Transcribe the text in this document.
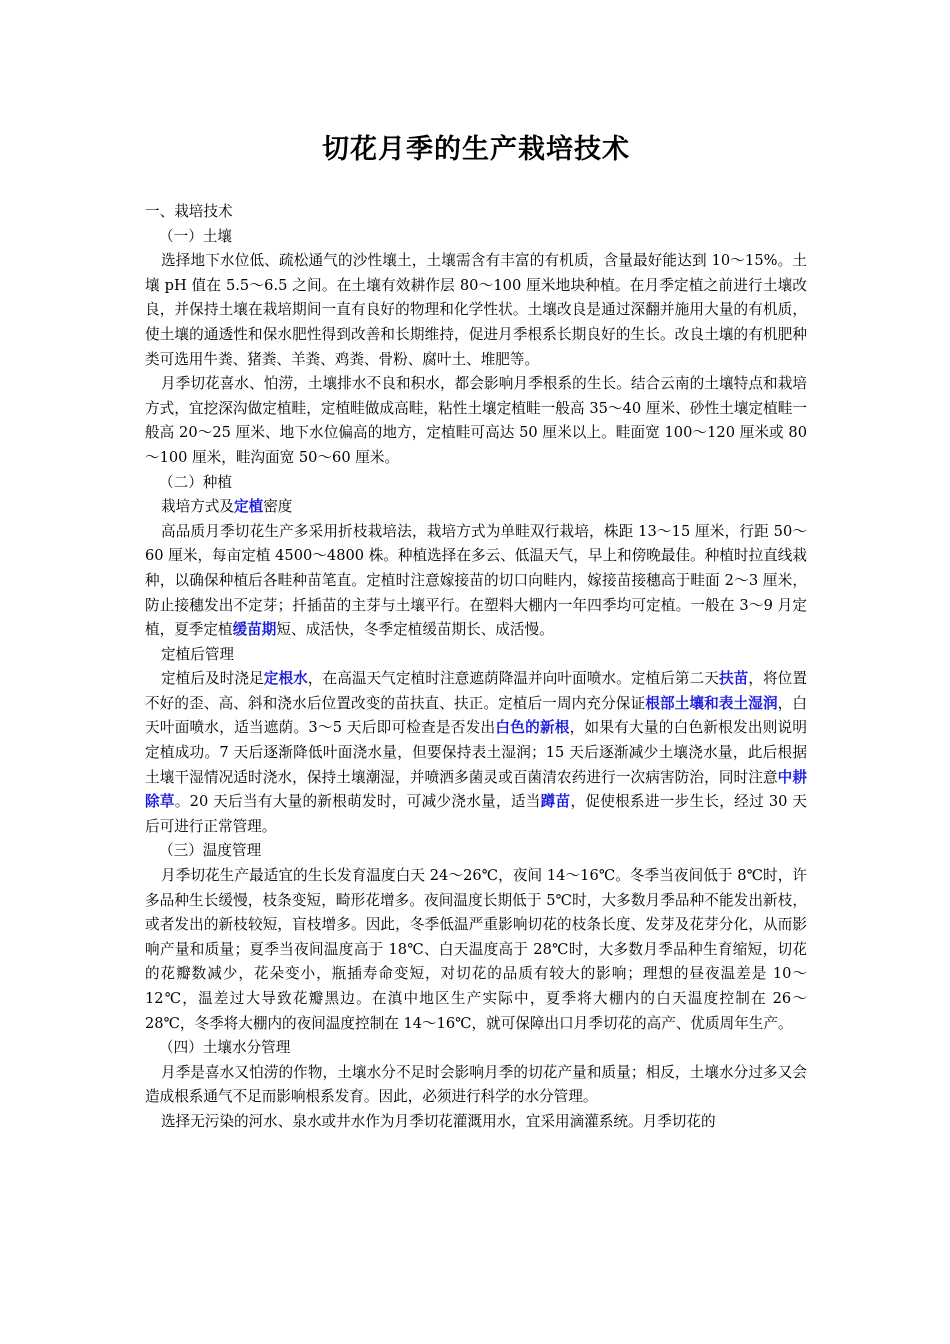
切花月季的生产栽培技术

一、栽培技术

（一）土壤

选择地下水位低、疏松通气的沙性壤土，土壤需含有丰富的有机质，含量最好能达到 10～15%。土壤 pH 值在 5.5～6.5 之间。在土壤有效耕作层 80～100 厘米地块种植。在月季定植之前进行土壤改良，并保持土壤在栽培期间一直有良好的物理和化学性状。土壤改良是通过深翻并施用大量的有机质，使土壤的通透性和保水肥性得到改善和长期维持，促进月季根系长期良好的生长。改良土壤的有机肥种类可选用牛粪、猪粪、羊粪、鸡粪、骨粉、腐叶土、堆肥等。

月季切花喜水、怕涝，土壤排水不良和积水，都会影响月季根系的生长。结合云南的土壤特点和栽培方式，宜挖深沟做定植畦，定植畦做成高畦，粘性土壤定植畦一般高 35～40 厘米、砂性土壤定植畦一般高 20～25 厘米、地下水位偏高的地方，定植畦可高达 50 厘米以上。畦面宽 100～120 厘米或 80～100 厘米，畦沟面宽 50～60 厘米。

（二）种植

栽培方式及定植密度

高品质月季切花生产多采用折枝栽培法，栽培方式为单畦双行栽培，株距 13～15 厘米，行距 50～60 厘米，每亩定植 4500～4800 株。种植选择在多云、低温天气，早上和傍晚最佳。种植时拉直线栽种，以确保种植后各畦种苗笔直。定植时注意嫁接苗的切口向畦内，嫁接苗接穗高于畦面 2～3 厘米，防止接穗发出不定芽；扦插苗的主芽与土壤平行。在塑料大棚内一年四季均可定植。一般在 3～9 月定植，夏季定植缓苗期短、成活快，冬季定植缓苗期长、成活慢。

定植后管理

定植后及时浇足定根水，在高温天气定植时注意遮荫降温并向叶面喷水。定植后第二天扶苗，将位置不好的歪、高、斜和浇水后位置改变的苗扶直、扶正。定植后一周内充分保证根部土壤和表土湿润，白天叶面喷水，适当遮荫。3～5 天后即可检查是否发出白色的新根，如果有大量的白色新根发出则说明定植成功。7 天后逐渐降低叶面浇水量，但要保持表土湿润；15 天后逐渐减少土壤浇水量，此后根据土壤干湿情况适时浇水，保持土壤潮湿，并喷洒多菌灵或百菌清农药进行一次病害防治，同时注意中耕除草。20 天后当有大量的新根萌发时，可减少浇水量，适当蹲苗，促使根系进一步生长，经过 30 天后可进行正常管理。

（三）温度管理

月季切花生产最适宜的生长发育温度白天 24～26℃，夜间 14～16℃。冬季当夜间低于 8℃时，许多品种生长缓慢，枝条变短，畸形花增多。夜间温度长期低于 5℃时，大多数月季品种不能发出新枝，或者发出的新枝较短，盲枝增多。因此，冬季低温严重影响切花的枝条长度、发芽及花芽分化，从而影响产量和质量；夏季当夜间温度高于 18℃、白天温度高于 28℃时，大多数月季品种生育缩短，切花的花瓣数减少，花朵变小，瓶插寿命变短，对切花的品质有较大的影响；理想的昼夜温差是 10～12℃，温差过大导致花瓣黑边。在滇中地区生产实际中，夏季将大棚内的白天温度控制在 26～28℃，冬季将大棚内的夜间温度控制在 14～16℃，就可保障出口月季切花的高产、优质周年生产。

（四）土壤水分管理

月季是喜水又怕涝的作物，土壤水分不足时会影响月季的切花产量和质量；相反，土壤水分过多又会造成根系通气不足而影响根系发育。因此，必须进行科学的水分管理。

选择无污染的河水、泉水或井水作为月季切花灌溉用水，宜采用滴灌系统。月季切花的
